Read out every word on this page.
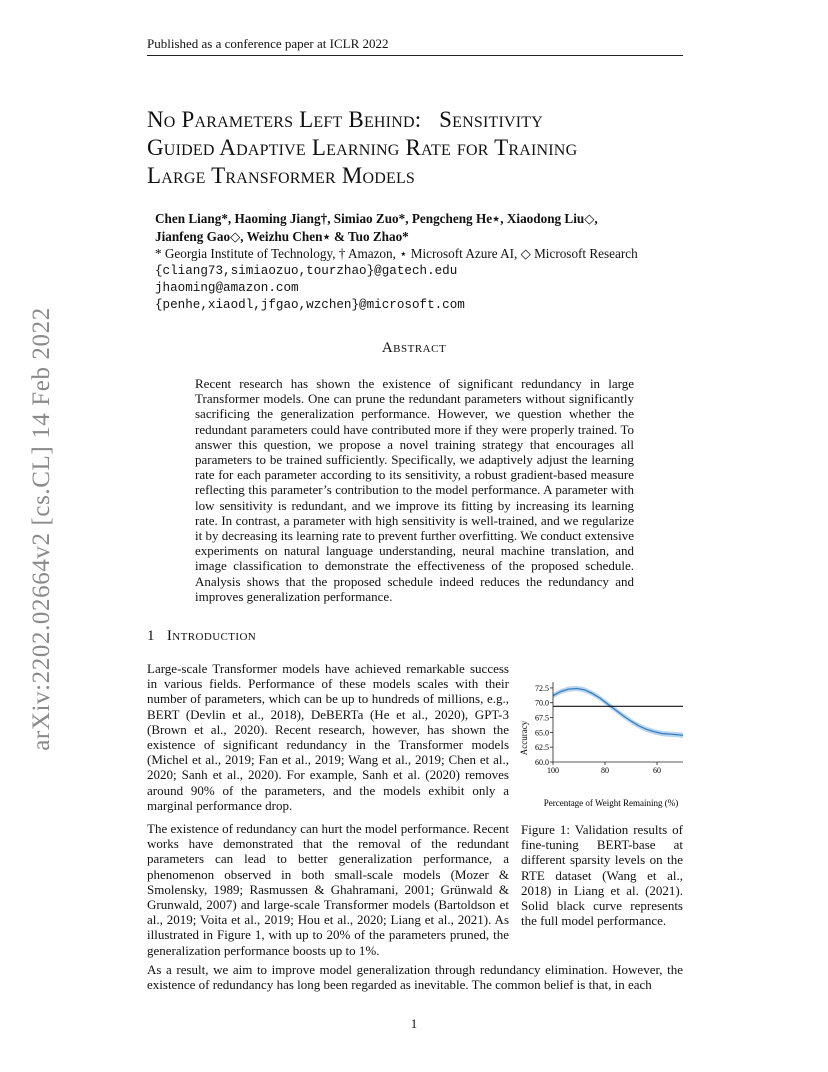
arXiv:2202.02664v2 [cs.CL] 14 Feb 2022
Published as a conference paper at ICLR 2022
No Parameters Left Behind:   Sensitivity
Guided Adaptive Learning Rate for Training
Large Transformer Models
Chen Liang*, Haoming Jiang†, Simiao Zuo*, Pengcheng He⋆, Xiaodong Liu◇,
Jianfeng Gao◇, Weizhu Chen⋆ & Tuo Zhao*
* Georgia Institute of Technology, † Amazon, ⋆ Microsoft Azure AI, ◇ Microsoft Research
{cliang73,simiaozuo,tourzhao}@gatech.edu
jhaoming@amazon.com
{penhe,xiaodl,jfgao,wzchen}@microsoft.com
Abstract
Recent research has shown the existence of significant redundancy in large Transformer models. One can prune the redundant parameters without significantly sacrificing the generalization performance. However, we question whether the redundant parameters could have contributed more if they were properly trained. To answer this question, we propose a novel training strategy that encourages all parameters to be trained sufficiently. Specifically, we adaptively adjust the learning rate for each parameter according to its sensitivity, a robust gradient-based measure reflecting this parameter’s contribution to the model performance. A parameter with low sensitivity is redundant, and we improve its fitting by increasing its learning rate. In contrast, a parameter with high sensitivity is well-trained, and we regularize it by decreasing its learning rate to prevent further overfitting. We conduct extensive experiments on natural language understanding, neural machine translation, and image classification to demonstrate the effectiveness of the proposed schedule. Analysis shows that the proposed schedule indeed reduces the redundancy and improves generalization performance.
1 Introduction
Large-scale Transformer models have achieved remarkable success in various fields. Performance of these models scales with their number of parameters, which can be up to hundreds of millions, e.g., BERT (Devlin et al., 2018), DeBERTa (He et al., 2020), GPT-3 (Brown et al., 2020). Recent research, however, has shown the existence of significant redundancy in the Transformer models (Michel et al., 2019; Fan et al., 2019; Wang et al., 2019; Chen et al., 2020; Sanh et al., 2020). For example, Sanh et al. (2020) removes around 90% of the parameters, and the models exhibit only a marginal performance drop.
The existence of redundancy can hurt the model performance. Recent works have demonstrated that the removal of the redundant parameters can lead to better generalization performance, a phenomenon observed in both small-scale models (Mozer & Smolensky, 1989; Rasmussen & Ghahramani, 2001; Grünwald & Grunwald, 2007) and large-scale Transformer models (Bartoldson et al., 2019; Voita et al., 2019; Hou et al., 2020; Liang et al., 2021). As illustrated in Figure 1, with up to 20% of the parameters pruned, the generalization performance boosts up to 1%.
60.0
62.5
65.0
67.5
70.0
72.5
100	80	60
Accuracy
Percentage of Weight Remaining (%)
Figure 1: Validation results of fine-tuning BERT-base at different sparsity levels on the RTE dataset (Wang et al., 2018) in Liang et al. (2021). Solid black curve represents the full model performance.
As a result, we aim to improve model generalization through redundancy elimination. However, the existence of redundancy has long been regarded as inevitable. The common belief is that, in each
1
